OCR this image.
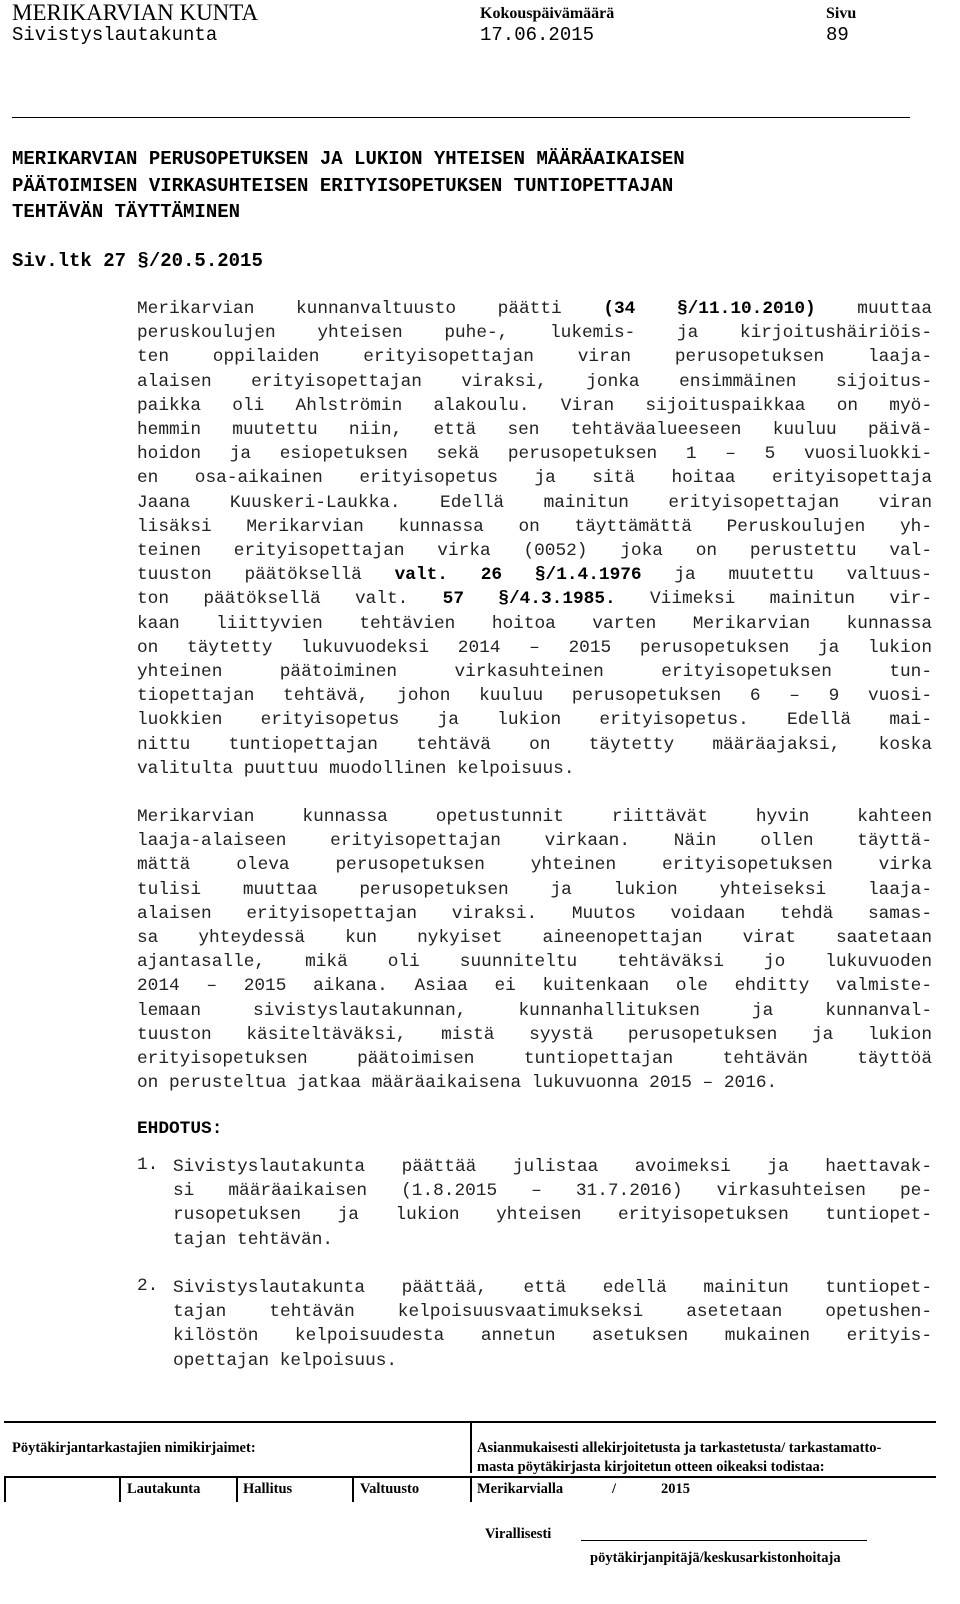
MERIKARVIAN KUNTA
Sivistyslautakunta
Kokouspäivämäärä
17.06.2015
Sivu
89
MERIKARVIAN PERUSOPETUKSEN JA LUKION YHTEISEN MÄÄRÄAIKAISEN
PÄÄTOIMISEN VIRKASUHTEISEN ERITYISOPETUKSEN TUNTIOPETTAJAN
TEHTÄVÄN TÄYTTÄMINEN
Siv.ltk 27 §/20.5.2015
Merikarvian kunnanvaltuusto päätti (34 §/11.10.2010) muuttaa
peruskoulujen yhteisen puhe-, lukemis- ja kirjoitushäiriöis-
ten oppilaiden erityisopettajan viran perusopetuksen laaja-
alaisen erityisopettajan viraksi, jonka ensimmäinen sijoitus-
paikka oli Ahlströmin alakoulu. Viran sijoituspaikkaa on myö-
hemmin muutettu niin, että sen tehtäväalueeseen kuuluu päivä-
hoidon ja esiopetuksen sekä perusopetuksen 1 – 5 vuosiluokki-
en osa-aikainen erityisopetus ja sitä hoitaa erityisopettaja
Jaana Kuuskeri-Laukka. Edellä mainitun erityisopettajan viran
lisäksi Merikarvian kunnassa on täyttämättä Peruskoulujen yh-
teinen erityisopettajan virka (0052) joka on perustettu val-
tuuston päätöksellä valt. 26 §/1.4.1976 ja muutettu valtuus-
ton päätöksellä valt. 57 §/4.3.1985. Viimeksi mainitun vir-
kaan liittyvien tehtävien hoitoa varten Merikarvian kunnassa
on täytetty lukuvuodeksi 2014 – 2015 perusopetuksen ja lukion
yhteinen päätoiminen virkasuhteinen erityisopetuksen tun-
tiopettajan tehtävä, johon kuuluu perusopetuksen 6 – 9 vuosi-
luokkien erityisopetus ja lukion erityisopetus. Edellä mai-
nittu tuntiopettajan tehtävä on täytetty määräajaksi, koska
valitulta puuttuu muodollinen kelpoisuus.
Merikarvian kunnassa opetustunnit riittävät hyvin kahteen
laaja-alaiseen erityisopettajan virkaan. Näin ollen täyttä-
mättä oleva perusopetuksen yhteinen erityisopetuksen virka
tulisi muuttaa perusopetuksen ja lukion yhteiseksi laaja-
alaisen erityisopettajan viraksi. Muutos voidaan tehdä samas-
sa yhteydessä kun nykyiset aineenopettajan virat saatetaan
ajantasalle, mikä oli suunniteltu tehtäväksi jo lukuvuoden
2014 – 2015 aikana. Asiaa ei kuitenkaan ole ehditty valmiste-
lemaan sivistyslautakunnan, kunnanhallituksen ja kunnanval-
tuuston käsiteltäväksi, mistä syystä perusopetuksen ja lukion
erityisopetuksen päätoimisen tuntiopettajan tehtävän täyttöä
on perusteltua jatkaa määräaikaisena lukuvuonna 2015 – 2016.
EHDOTUS:
1. Sivistyslautakunta päättää julistaa avoimeksi ja haettavak-
si määräaikaisen (1.8.2015 – 31.7.2016) virkasuhteisen pe-
rusopetuksen ja lukion yhteisen erityisopetuksen tuntiopet-
tajan tehtävän.
2. Sivistyslautakunta päättää, että edellä mainitun tuntiopet-
tajan tehtävän kelpoisuusvaatimukseksi asetetaan opetushen-
kilöstön kelpoisuudesta annetun asetuksen mukainen erityis-
opettajan kelpoisuus.
Pöytäkirjantarkastajien nimikirjaimet:	Asianmukaisesti allekirjoitetusta ja tarkastetusta/ tarkastamatto-
masta pöytäkirjasta kirjoitetun otteen oikeaksi todistaa:
Lautakunta	Hallitus	Valtuusto	Merikarvialla	/	2015
Virallisesti
pöytäkirjanpitäjä/keskusarkistonhoitaja
